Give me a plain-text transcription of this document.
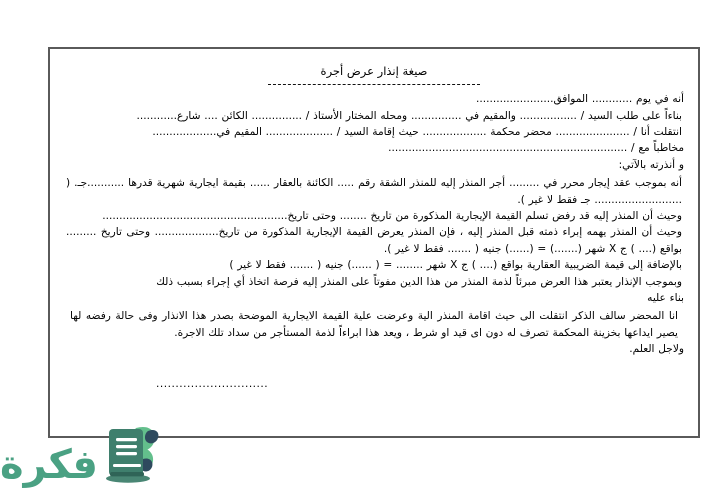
صيغة إنذار عرض أجرة

أنه في يوم ............ الموافق.......................

بناءاً على طلب السيد / ................. والمقيم في ............... ومحله المختار الأستاذ / ............... الكائن .... شارع............

انتقلت أنا / ...................... محضر محكمة ................... حيث إقامة السيد / .................... المقيم في...................

مخاطباً مع / .......................................................................

و أنذرته بالآتي:

أنه بموجب عقد إيجار محرر في ......... أجر المنذر إليه للمنذر الشقة رقم ..... الكائنة بالعقار ...... بقيمة ايجارية شهرية قدرها ...........جـ. ( .......................... جـ فقط لا غير ).

وحيث أن المنذر إليه قد رفض تسلم القيمة الإيجارية المذكورة من تاريخ ........ وحتى تاريخ.......................................................

وحيث أن المنذر يهمه إبراء ذمته قبل المنذر إليه ، فإن المنذر يعرض القيمة الإيجارية المذكورة من تاريخ................... وحتى تاريخ ......... بواقع (.... ) ج X شهر (.......) = (......) جنيه ( ....... فقط لا غير ).

بالإضافة إلى قيمة الضريبية العقارية بواقع (.... ) ج X شهر ........ = ( ......) جنيه ( ....... فقط لا غير )

وبموجب الإنذار يعتبر هذا العرض مبرئاً لذمة المنذر من هذا الدين مفوتاً على المنذر إليه فرصة اتخاذ أي إجراء بسبب ذلك

بناء عليه

انا المحضر سالف الذكر انتقلت الى حيث اقامة المنذر الية وعرضت علية القيمة الايجارية الموضحة بصدر هذا الانذار وفى حالة رفضه لها يصير ايداعها بخزينة المحكمة تصرف له دون اى قيد او شرط ، ويعد هذا ابراءاً لذمة المستأجر من سداد تلك الاجرة.

ولاجل العلم.

.............................
فكرة
